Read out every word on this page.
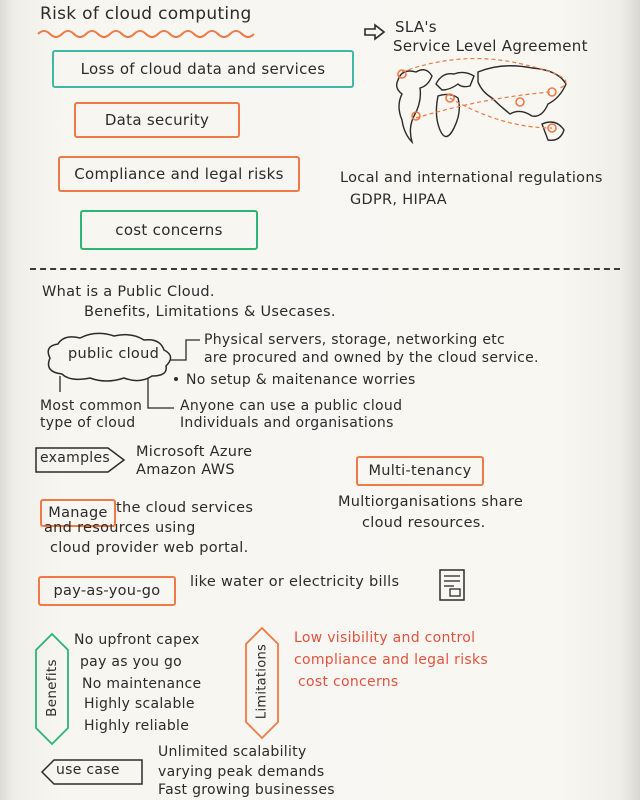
Risk of cloud computing
Loss of cloud data and services
Data security
Compliance and legal risks
cost concerns
SLA's
Service Level Agreement
Local and international regulations
GDPR, HIPAA
What is a Public Cloud.
Benefits, Limitations & Usecases.
public cloud
Physical servers, storage, networking etc
are procured and owned by the cloud service.
No setup & maitenance worries
Anyone can use a public cloud
Individuals and organisations
Most common
type of cloud
examples Microsoft Azure
Amazon AWS	Multi-tenancy
Multiorganisations share
cloud resources.
Manage the cloud services
and resources using
cloud provider web portal.
pay-as-you-go
like water or electricity bills
Benefits
No upfront capex
pay as you go
No maintenance
Highly scalable
Highly reliable
Limitations
Low visibility and control
compliance and legal risks
cost concerns
use case
Unlimited scalability
varying peak demands
Fast growing businesses
